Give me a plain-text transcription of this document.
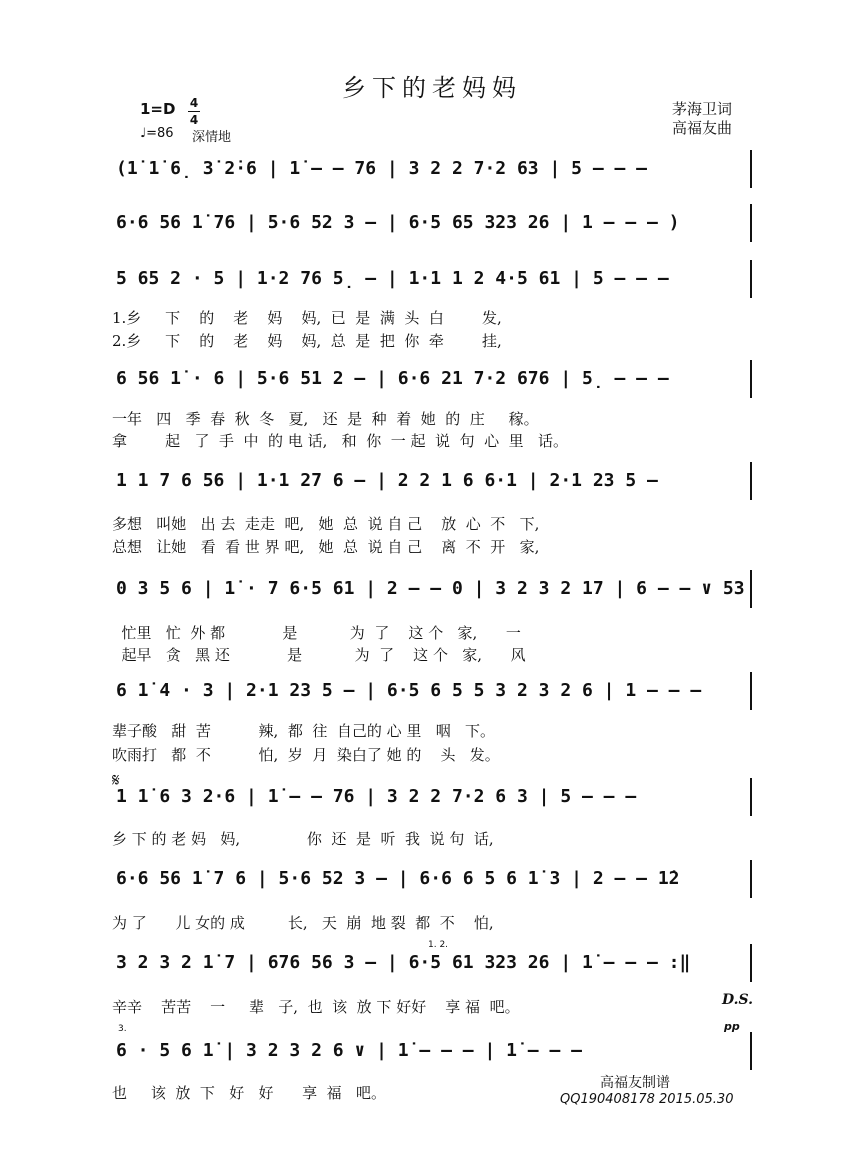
乡下的老妈妈
1=D 4
4
♩=86 深情地
茅海卫词
高福友曲
(1̇ 1̇ 6̣ 3̇ 2̇·6 | 1̇ – – 76 | 3 2 2 7·2 63 | 5 – – –
6·6 56 1̇ 76 | 5·6 52 3 – | 6·5 65 323 26 | 1 – – – )
5 65 2 · 5 | 1·2 76 5̣ – | 1·1 1 2 4·5 61 | 5 – – –
6 56 1̇ · 6 | 5·6 51 2 – | 6·6 21 7·2 676 | 5̣ – – –
1 1 7 6 56 | 1·1 27 6 – | 2 2 1 6 6·1 | 2·1 23 5 –
0 3 5 6 | 1̇ · 7 6·5 61 | 2 – – 0 | 3 2 3 2 17 | 6 – – ∨ 53
6 1̇ 4 · 3 | 2·1 23 5 – | 6·5 6 5 5 3 2 3 2 6 | 1 – – –
1 1̇ 6 3 2·6 | 1̇ – – 76 | 3 2 2 7·2 6 3 | 5 – – –
6·6 56 1̇ 7 6 | 5·6 52 3 – | 6·6 6 5 6 1̇ 3 | 2 – – 1̇2
3 2 3 2 1̇ 7 | 676 56 3 – | 6·5 61 323 26 | 1̇ – – – :‖
6 · 5 6 1̇ | 3 2 3 2 6 ∨ | 1̇ – – – | 1̇ – – –
𝄋
1.乡     下    的    老    妈    妈,  已  是  满  头  白        发,
2.乡     下    的    老    妈    妈,  总  是  把  你  牵        挂,
一年   四   季  春  秋  冬   夏,   还  是  种  着  她  的  庄     稼。
拿        起   了  手  中  的 电 话,   和  你  一 起  说  句  心  里   话。
多想   叫她   出 去  走走  吧,   她  总  说 自 己    放  心  不   下,
总想   让她   看  看 世 界 吧,   她  总  说 自 己    离  不  开   家,
忙里   忙  外 都            是           为  了    这 个   家,      一
起早   贪   黑 还            是           为  了    这 个   家,      风
辈子酸   甜  苦          辣,  都  往  自己的 心 里   咽   下。
吹雨打   都  不          怕,  岁  月  染白了 她 的    头   发。
乡 下 的 老 妈   妈,              你  还  是  听  我  说 句  话,
为 了      儿 女的 成         长,   天  崩  地 裂  都  不    怕,
辛辛    苦苦    一     辈   子,  也  该  放 下 好好    享 福  吧。
也     该  放  下   好   好      享  福   吧。
D.S.
pp
高福友制谱
QQ190408178 2015.05.30
1. 2.
3.
